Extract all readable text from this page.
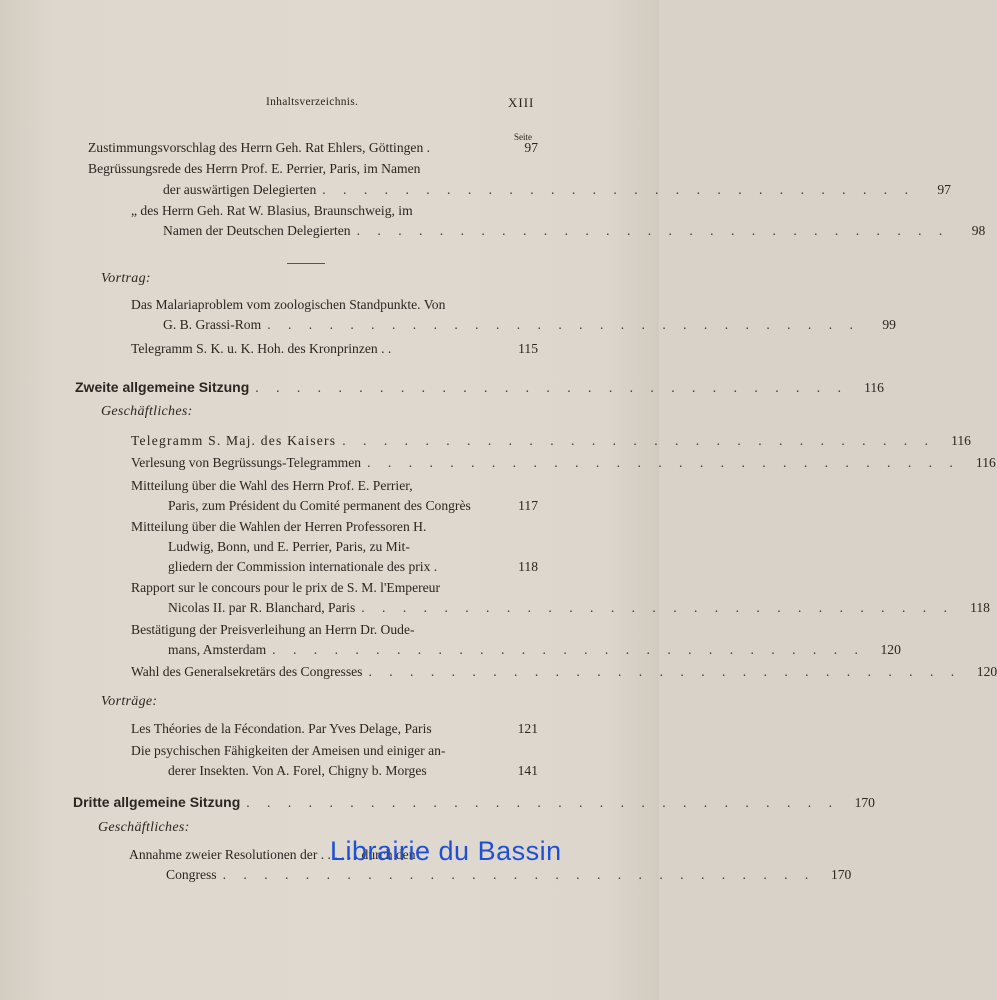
Inhaltsverzeichnis.	XIII
Seite
Zustimmungsvorschlag des Herrn Geh. Rat Ehlers, Göttingen .	97
Begrüssungsrede des Herrn Prof. E. Perrier, Paris, im Namen
der auswärtigen Delegierten . . . . . . . . . . . . . . . . . . . . . . . . . . . . .	97
„ des Herrn Geh. Rat W. Blasius, Braunschweig, im
Namen der Deutschen Delegierten . . . . . . . . . . . . . . . . . . . . . . . . . . . . .	98
Vortrag:
Das Malariaproblem vom zoologischen Standpunkte. Von
G. B. Grassi-Rom . . . . . . . . . . . . . . . . . . . . . . . . . . . . .	99
Telegramm S. K. u. K. Hoh. des Kronprinzen . .	115
Zweite allgemeine Sitzung . . . . . . . . . . . . . . . . . . . . . . . . . . . . .	116
Geschäftliches:
Telegramm S. Maj. des Kaisers . . . . . . . . . . . . . . . . . . . . . . . . . . . . .	116
Verlesung von Begrüssungs-Telegrammen . . . . . . . . . . . . . . . . . . . . . . . . . . . . .	116
Mitteilung über die Wahl des Herrn Prof. E. Perrier,
Paris, zum Président du Comité permanent des Congrès	117
Mitteilung über die Wahlen der Herren Professoren H.
Ludwig, Bonn, und E. Perrier, Paris, zu Mit-
gliedern der Commission internationale des prix .	118
Rapport sur le concours pour le prix de S. M. l'Empereur
Nicolas II. par R. Blanchard, Paris . . . . . . . . . . . . . . . . . . . . . . . . . . . . .	118
Bestätigung der Preisverleihung an Herrn Dr. Oude-
mans, Amsterdam . . . . . . . . . . . . . . . . . . . . . . . . . . . . .	120
Wahl des Generalsekretärs des Congresses . . . . . . . . . . . . . . . . . . . . . . . . . . . . .	120
Vorträge:
Les Théories de la Fécondation. Par Yves Delage, Paris	121
Die psychischen Fähigkeiten der Ameisen und einiger an-
derer Insekten. Von A. Forel, Chigny b. Morges	141
Dritte allgemeine Sitzung . . . . . . . . . . . . . . . . . . . . . . . . . . . . .	170
Geschäftliches:
Annahme zweier Resolutionen der . . . . . . durch den
Congress . . . . . . . . . . . . . . . . . . . . . . . . . . . . .	170
Librairie du Bassin
